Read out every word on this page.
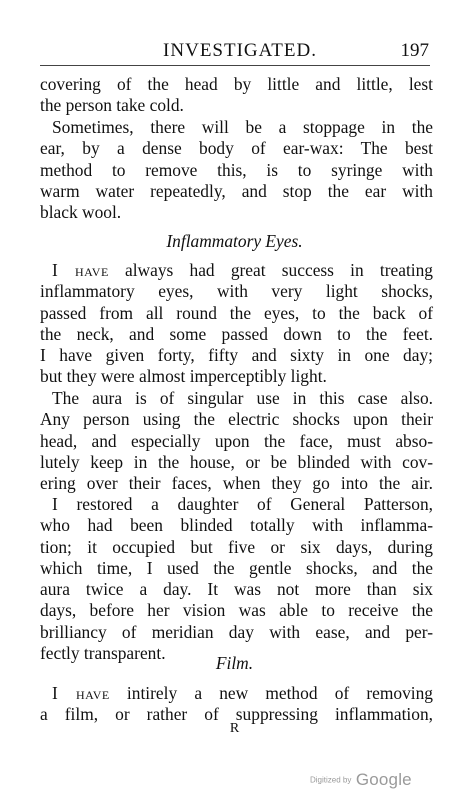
INVESTIGATED.	197
covering of the head by little and little, lest
the person take cold.
Sometimes, there will be a stoppage in the
ear, by a dense body of ear-wax: The best
method to remove this, is to syringe with
warm water repeatedly, and stop the ear with
black wool.
Inflammatory Eyes.
I have always had great success in treating
inflammatory eyes, with very light shocks,
passed from all round the eyes, to the back of
the neck, and some passed down to the feet.
I have given forty, fifty and sixty in one day;
but they were almost imperceptibly light.
The aura is of singular use in this case also.
Any person using the electric shocks upon their
head, and especially upon the face, must abso-
lutely keep in the house, or be blinded with cov-
ering over their faces, when they go into the air.
I restored a daughter of General Patterson,
who had been blinded totally with inflamma-
tion; it occupied but five or six days, during
which time, I used the gentle shocks, and the
aura twice a day. It was not more than six
days, before her vision was able to receive the
brilliancy of meridian day with ease, and per-
fectly transparent.	Film.
I have intirely a new method of removing
a film, or rather of suppressing inflammation,
R
Digitized by Google
